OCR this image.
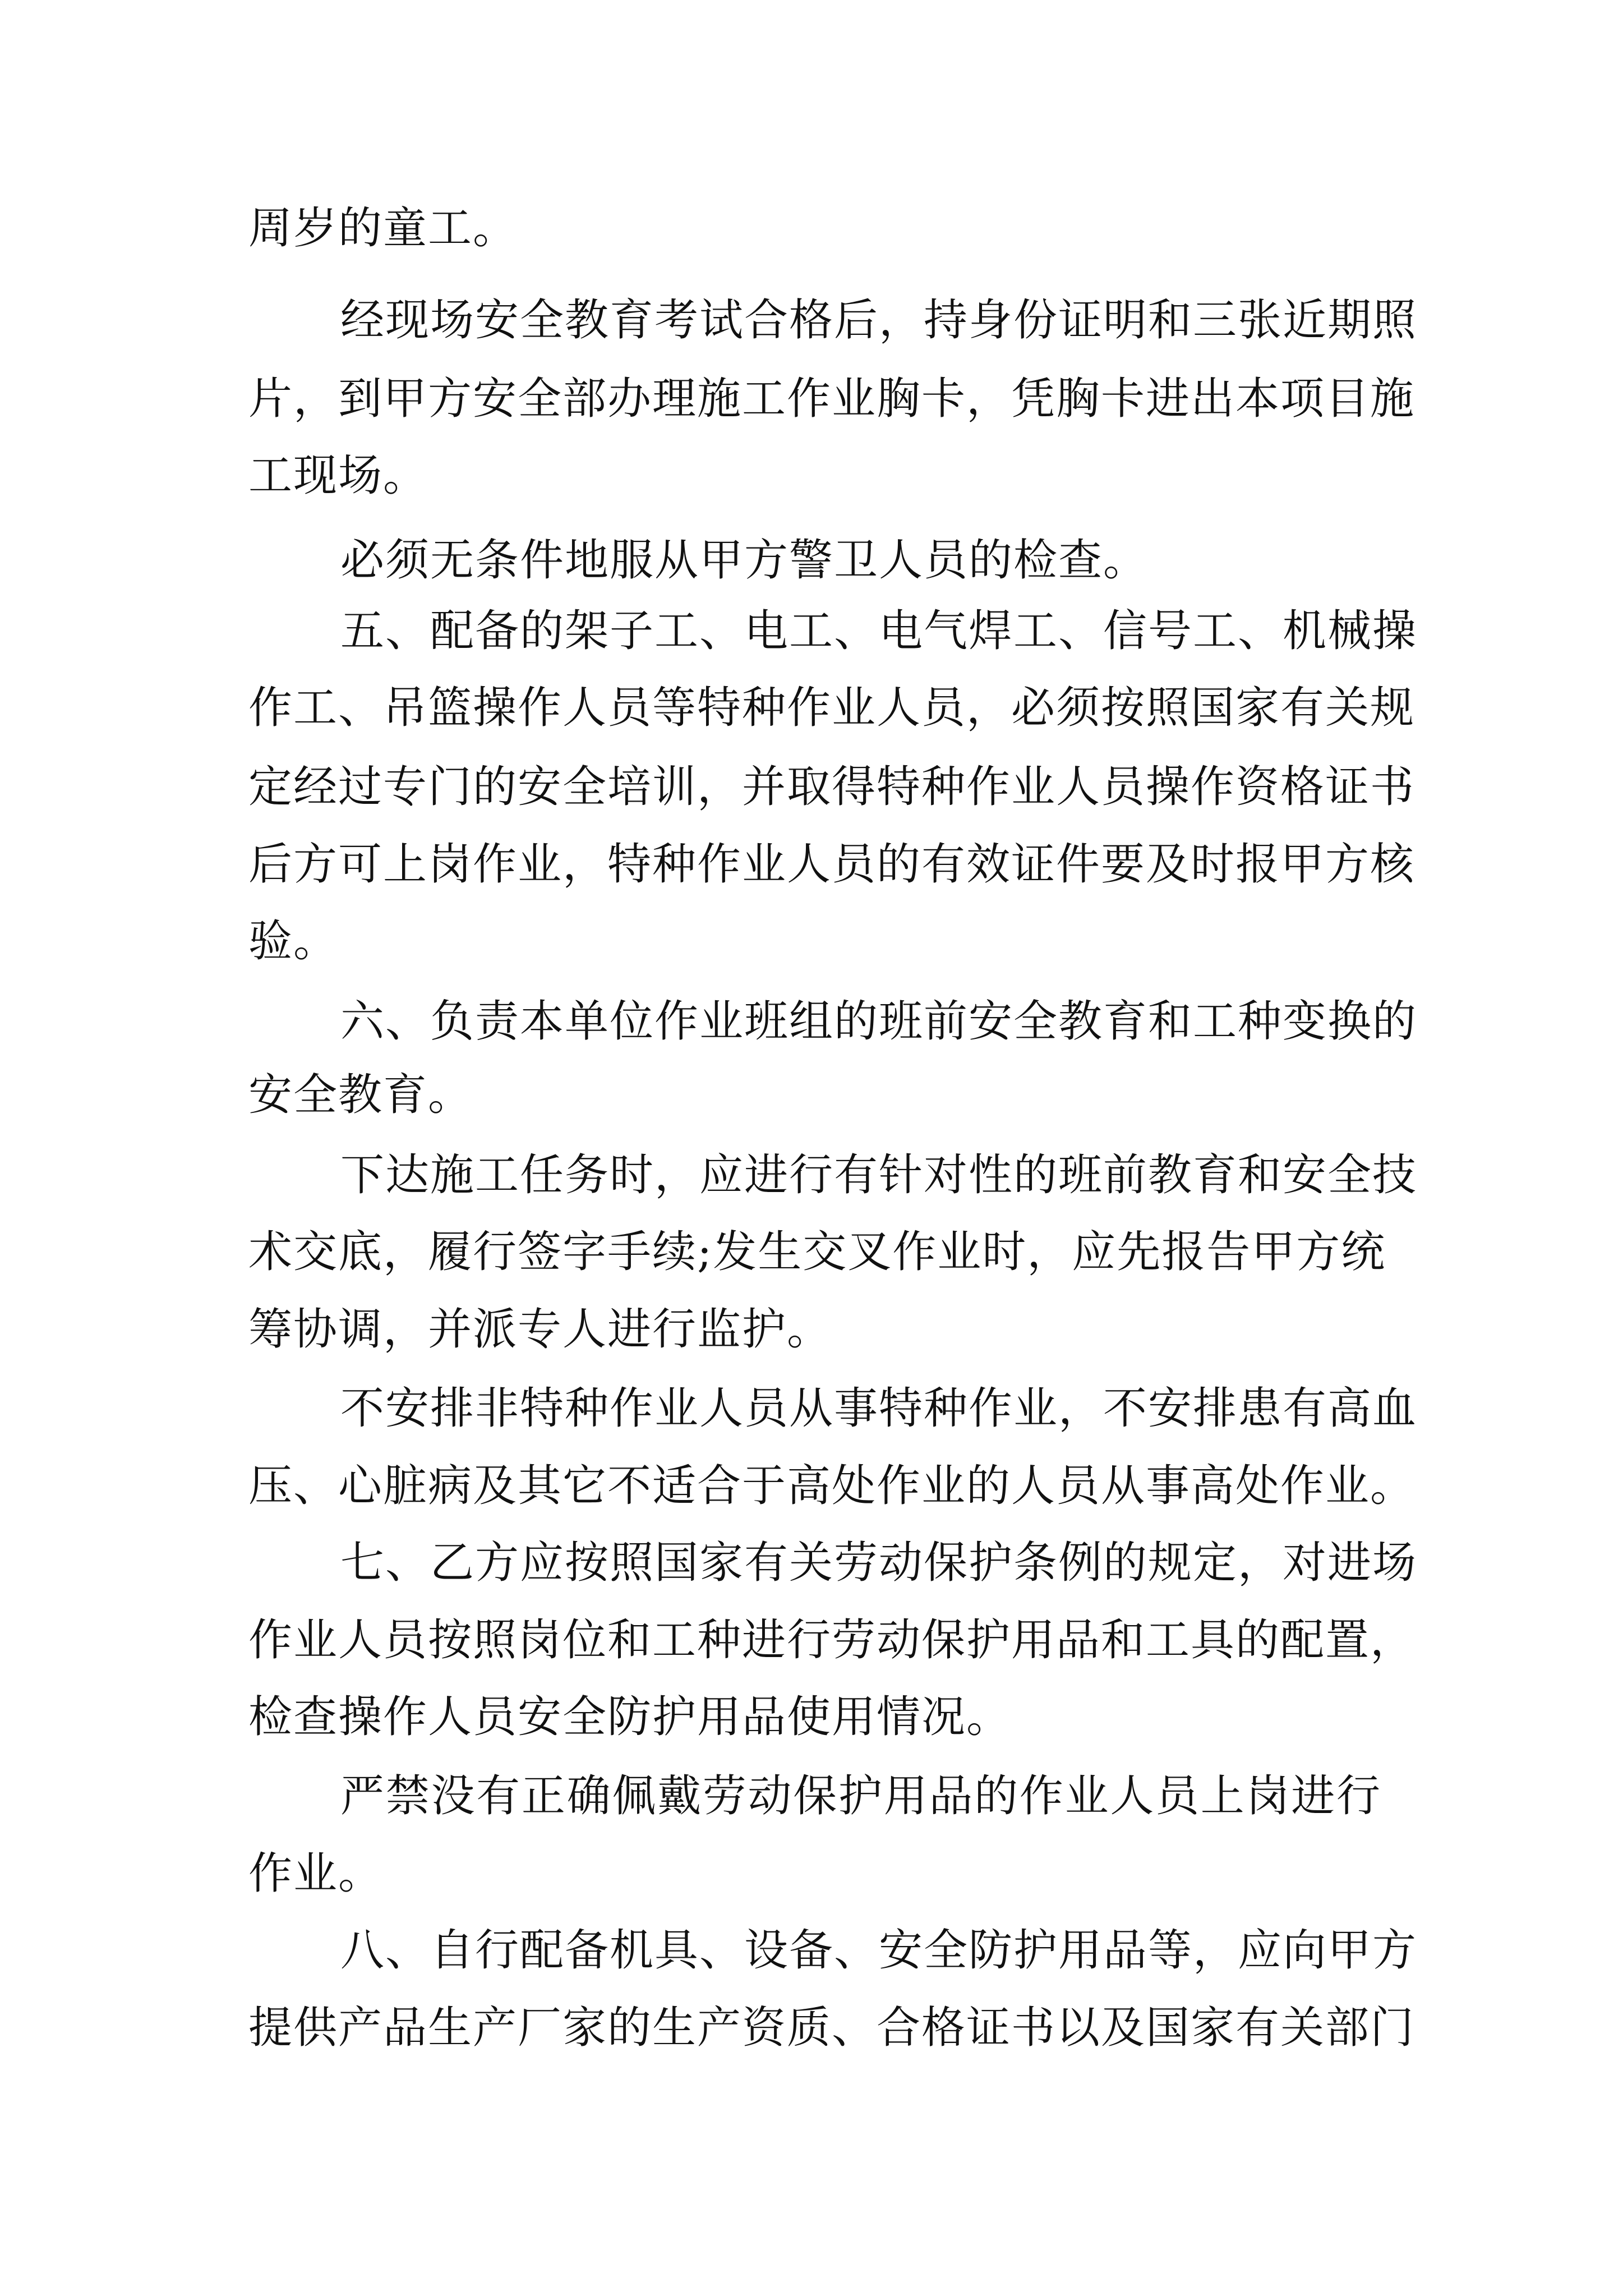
周岁的童工。
经现场安全教育考试合格后，持身份证明和三张近期照
片，到甲方安全部办理施工作业胸卡，凭胸卡进出本项目施
工现场。
必须无条件地服从甲方警卫人员的检查。
五、配备的架子工、电工、电气焊工、信号工、机械操
作工、吊篮操作人员等特种作业人员，必须按照国家有关规
定经过专门的安全培训，并取得特种作业人员操作资格证书
后方可上岗作业，特种作业人员的有效证件要及时报甲方核
验。
六、负责本单位作业班组的班前安全教育和工种变换的
安全教育。
下达施工任务时，应进行有针对性的班前教育和安全技
术交底，履行签字手续;发生交叉作业时，应先报告甲方统
筹协调，并派专人进行监护。
不安排非特种作业人员从事特种作业，不安排患有高血
压、心脏病及其它不适合于高处作业的人员从事高处作业。
七、乙方应按照国家有关劳动保护条例的规定，对进场
作业人员按照岗位和工种进行劳动保护用品和工具的配置，
检查操作人员安全防护用品使用情况。
严禁没有正确佩戴劳动保护用品的作业人员上岗进行
作业。
八、自行配备机具、设备、安全防护用品等，应向甲方
提供产品生产厂家的生产资质、合格证书以及国家有关部门
